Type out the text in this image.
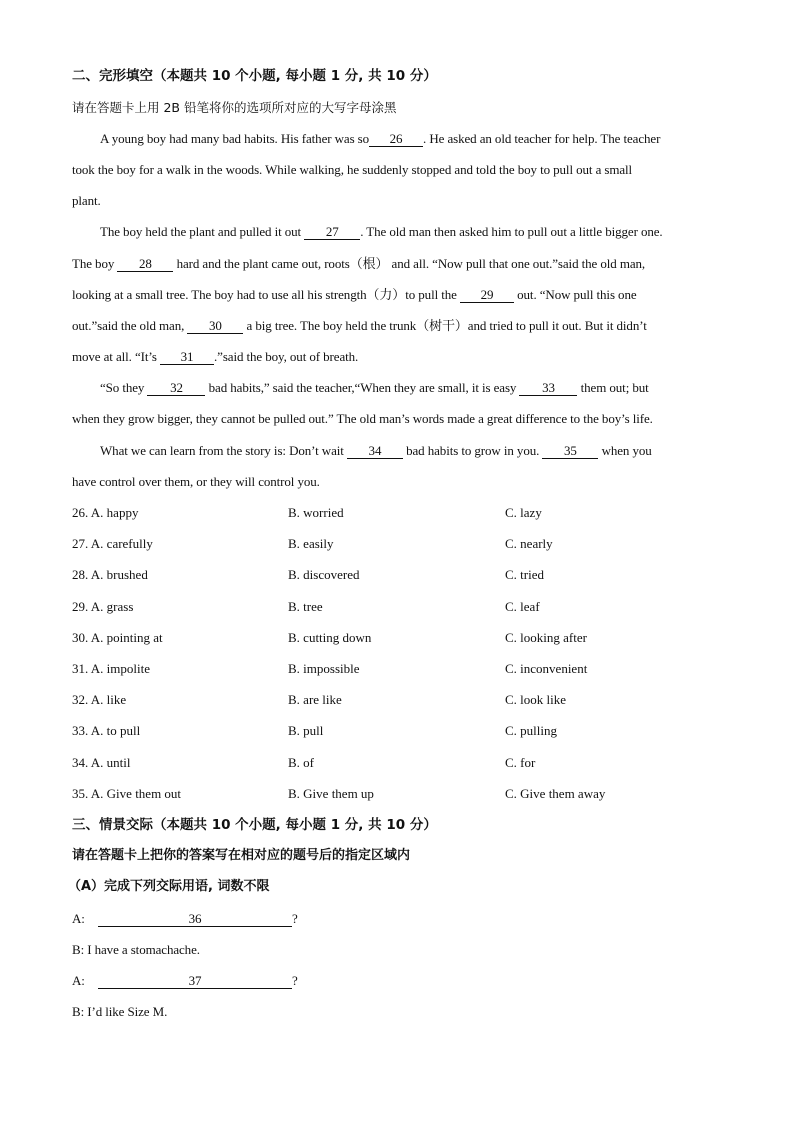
二、完形填空（本题共 10 个小题, 每小题 1 分, 共 10 分）
请在答题卡上用 2B 铅笔将你的选项所对应的大写字母涂黑
A young boy had many bad habits. His father was so 26 . He asked an old teacher for help. The teacher
took the boy for a walk in the woods. While walking, he suddenly stopped and told the boy to pull out a small
plant.
The boy held the plant and pulled it out 27 . The old man then asked him to pull out a little bigger one.
The boy 28 hard and the plant came out, roots（根） and all. “Now pull that one out.”said the old man,
looking at a small tree. The boy had to use all his strength（力）to pull the 29 out. “Now pull this one
out.”said the old man, 30 a big tree. The boy held the trunk（树干）and tried to pull it out. But it didn’t
move at all. “It’s 31 .”said the boy, out of breath.
“So they 32 bad habits,” said the teacher,“When they are small, it is easy 33 them out; but
when they grow bigger, they cannot be pulled out.” The old man’s words made a great difference to the boy’s life.
What we can learn from the story is: Don’t wait 34 bad habits to grow in you. 35 when you
have control over them, or they will control you.
26. A. happy	B. worried	C. lazy
27. A. carefully	B. easily	C. nearly
28. A. brushed	B. discovered	C. tried
29. A. grass	B. tree	C. leaf
30. A. pointing at	B. cutting down	C. looking after
31. A. impolite	B. impossible	C. inconvenient
32. A. like	B. are like	C. look like
33. A. to pull	B. pull	C. pulling
34. A. until	B. of	C. for
35. A. Give them out	B. Give them up	C. Give them away
三、情景交际（本题共 10 个小题, 每小题 1 分, 共 10 分）
请在答题卡上把你的答案写在相对应的题号后的指定区域内
（A）完成下列交际用语, 词数不限
A:	36	?
B: I have a stomachache.
A:	37	?
B: I’d like Size M.
